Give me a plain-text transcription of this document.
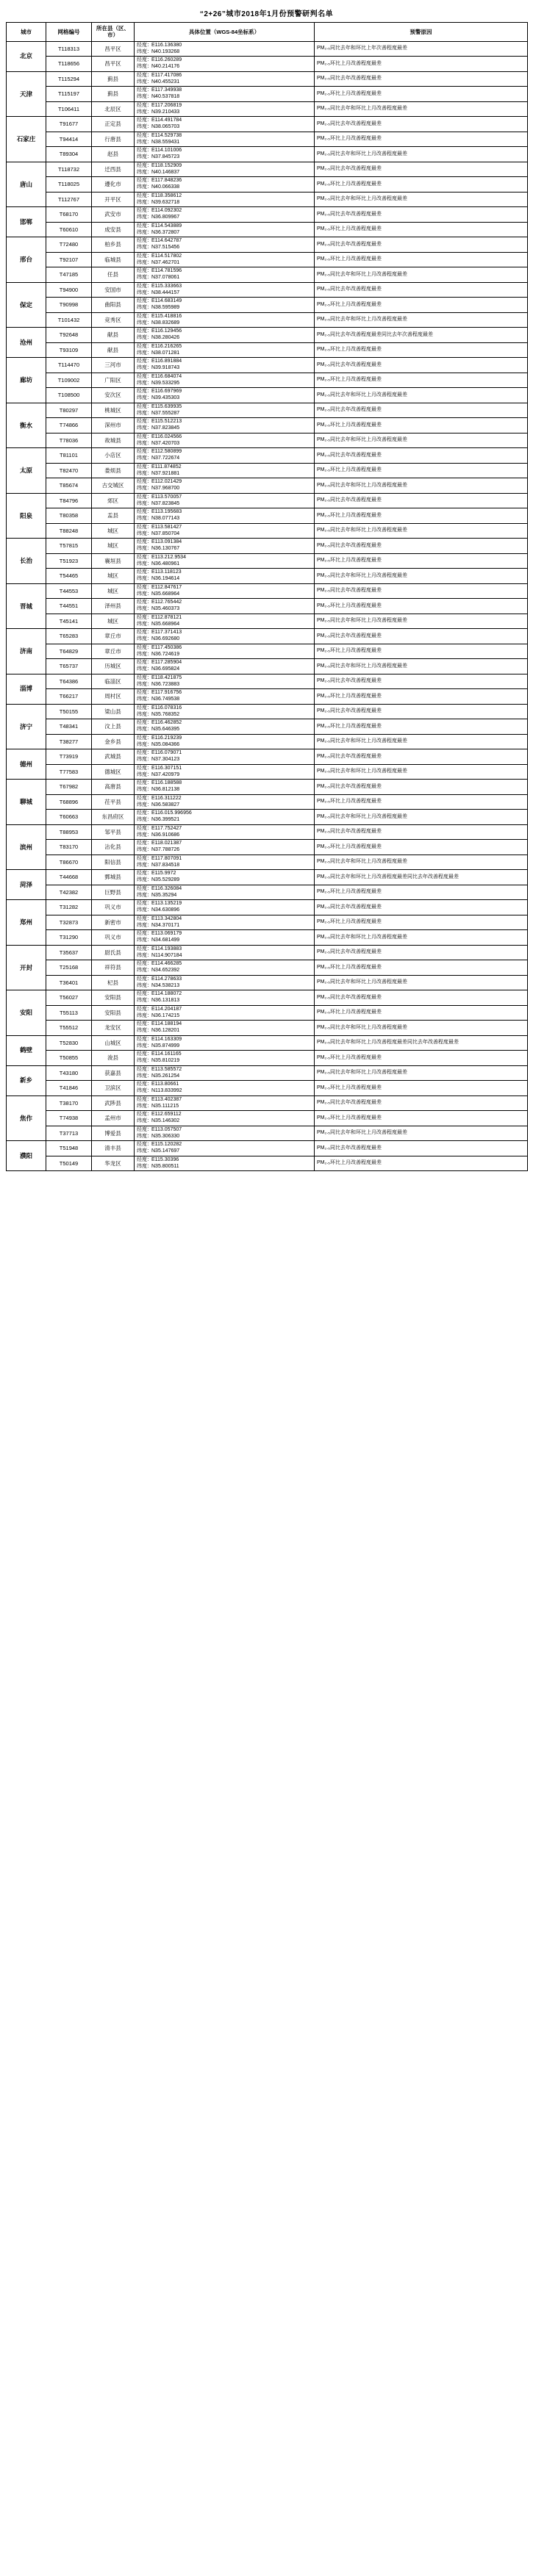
“2+26”城市2018年1月份预警研判名单
城市	网格编号	所在县（区、市）	具体位置（WGS-84坐标系）	预警原因
北京	T118313	昌平区	经度： E116.136380
纬度： N40.193268	PM₂.₅同比去年和环比上年次善程度最差
	T118656	昌平区	经度： E116.260289
纬度： N40.214176	PM₂.₅环比上月改善程度最差
天津	T115294	蓟县	经度： E117.417086
纬度： N40.455231	PM₂.₅同比去年改善程度最差
	T115197	蓟县	经度： E117.349938
纬度： N40.537818	PM₂.₅环比上月改善程度最差
	T106411	北辰区	经度： E117.206819
纬度： N39.210433	PM₂.₅同比去年和环比上月改善程度最差
石家庄	T91677	正定县	经度： E114.491784
纬度： N38.065703	PM₂.₅同比去年改善程度最差
	T94414	行唐县	经度： E114.529738
纬度： N38.559431	PM₂.₅环比上月改善程度最差
	T89304	赵县	经度： E114.101006
纬度： N37.845723	PM₂.₅同比去年和环比上月改善程度最差
唐山	T118732	迁西县	经度： E118.152909
纬度： N40.146837	PM₂.₅同比去年改善程度最差
	T118025	遵化市	经度： E117.848236
纬度： N40.066338	PM₂.₅环比上月改善程度最差
	T112767	开平区	经度： E118.358612
纬度： N39.632718	PM₂.₅同比去年和环比上月改善程度最差
邯郸	T68170	武安市	经度： E114.092302
纬度： N36.809967	PM₂.₅同比去年改善程度最差
	T60610	成安县	经度： E114.543889
纬度： N36.372807	PM₂.₅环比上月改善程度最差
邢台	T72480	柏乡县	经度： E114.642787
纬度： N37.515456	PM₂.₅同比去年改善程度最差
	T92107	临城县	经度： E114.517802
纬度： N37.462701	PM₂.₅环比上月改善程度最差
	T47185	任县	经度： E114.781596
纬度： N37.078061	PM₂.₅同比去年和环比上月改善程度最差
保定	T94900	安国市	经度： E115.333663
纬度： N38.444157	PM₂.₅同比去年改善程度最差
	T90998	曲阳县	经度： E114.683149
纬度： N38.595989	PM₂.₅环比上月改善程度最差
	T101432	竞秀区	经度： E115.418816
纬度： N38.832689	PM₂.₅同比去年和环比上月改善程度最差
沧州	T92648	献县	经度： E116.129456
纬度： N38.280426	PM₂.₅同比去年改善程度最差同比去年次善程度最差
	T93109	献县	经度： E116.216265
纬度： N38.071281	PM₂.₅环比上月改善程度最差
廊坊	T114470	三河市	经度： E116.891884
纬度： N39.918743	PM₂.₅同比去年改善程度最差
	T109002	广阳区	经度： E116.684074
纬度： N39.533295	PM₂.₅环比上月改善程度最差
	T108500	安次区	经度： E116.697969
纬度： N39.435303	PM₂.₅同比去年和环比上月改善程度最差
衡水	T80297	桃城区	经度： E115.639935
纬度： N37.555287	PM₂.₅同比去年改善程度最差
	T74866	深州市	经度： E115.512213
纬度： N37.823845	PM₂.₅环比上月改善程度最差
	T78036	故城县	经度： E116.024566
纬度： N37.420703	PM₂.₅同比去年和环比上月改善程度最差
太原	T81101	小店区	经度： E112.580899
纬度： N37.722674	PM₂.₅同比去年改善程度最差
	T82470	娄烦县	经度： E111.874852
纬度： N37.921881	PM₂.₅环比上月改善程度最差
	T85674	古交城区	经度： E112.021429
纬度： N37.968700	PM₂.₅同比去年和环比上月改善程度最差
阳泉	T84796	郊区	经度： E113.570057
纬度： N37.823845	PM₂.₅同比去年改善程度最差
	T80358	盂县	经度： E113.195683
纬度： N38.077143	PM₂.₅环比上月改善程度最差
	T88248	城区	经度： E113.581427
纬度： N37.850704	PM₂.₅同比去年和环比上月改善程度最差
长治	T57815	城区	经度： E113.091384
纬度： N36.130767	PM₂.₅同比去年改善程度最差
	T51923	襄垣县	经度： E113.212.9534
纬度： N36.480961	PM₂.₅环比上月改善程度最差
	T54465	城区	经度： E113.118123
纬度： N36.194614	PM₂.₅同比去年和环比上月改善程度最差
晋城	T44553	城区	经度： E112.847617
纬度： N35.668964	PM₂.₅同比去年改善程度最差
	T44551	泽州县	经度： E112.765442
纬度： N35.460373	PM₂.₅环比上月改善程度最差
	T45141	城区	经度： E112.878121
纬度： N35.668964	PM₂.₅同比去年和环比上月改善程度最差
济南	T65283	章丘市	经度： E117.371413
纬度： N36.692680	PM₂.₅同比去年改善程度最差
	T64829	章丘市	经度： E117.450386
纬度： N36.724619	PM₂.₅环比上月改善程度最差
	T65737	历城区	经度： E117.285904
纬度： N36.695824	PM₂.₅同比去年和环比上月改善程度最差
淄博	T64386	临淄区	经度： E118.421875
纬度： N36.723883	PM₂.₅同比去年改善程度最差
	T66217	周村区	经度： E117.916756
纬度： N36.749538	PM₂.₅环比上月改善程度最差
济宁	T50155	梁山县	经度： E116.078316
纬度： N35.768352	PM₂.₅同比去年改善程度最差
	T48341	汶上县	经度： E116.462852
纬度： N35.646395	PM₂.₅环比上月改善程度最差
	T38277	金乡县	经度： E116.219239
纬度： N35.084366	PM₂.₅同比去年和环比上月改善程度最差
德州	T73919	武城县	经度： E116.079071
纬度： N37.304123	PM₂.₅同比去年改善程度最差
	T77583	德城区	经度： E116.307151
纬度： N37.420979	PM₂.₅同比去年和环比上月改善程度最差
聊城	T67982	高唐县	经度： E116.188588
纬度： N36.812138	PM₂.₅同比去年改善程度最差
	T68896	茌平县	经度： E116.311222
纬度： N36.583827	PM₂.₅环比上月改善程度最差
	T60663	东昌府区	经度： E116.015.996956
纬度： N36.399521	PM₂.₅同比去年和环比上月改善程度最差
滨州	T88953	邹平县	经度： E117.752427
纬度： N36.910686	PM₂.₅同比去年改善程度最差
	T83170	沾化县	经度： E118.021387
纬度： N37.788726	PM₂.₅环比上月改善程度最差
	T86670	阳信县	经度： E117.807091
纬度： N37.834518	PM₂.₅同比去年和环比上月改善程度最差
菏泽	T44668	鄄城县	经度： E115.9972
纬度： N35.529289	PM₂.₅同比去年和环比上月改善程度最差同比去年改善程度最差
	T42382	巨野县	经度： E116.326084
纬度： N35.35294	PM₂.₅环比上月改善程度最差
郑州	T31282	巩义市	经度： E113.135219
纬度： N34.630896	PM₂.₅同比去年改善程度最差
	T32873	新密市	经度： E113.342804
纬度： N34.370171	PM₂.₅环比上月改善程度最差
	T31290	巩义市	经度： E113.069179
纬度： N34.681499	PM₂.₅同比去年和环比上月改善程度最差
开封	T35637	尉氏县	经度： E114.193883
纬度： N114.907184	PM₂.₅同比去年改善程度最差
	T25168	祥符县	经度： E114.466285
纬度： N34.652392	PM₂.₅环比上月改善程度最差
	T36401	杞县	经度： E114.278633
纬度： N34.538213	PM₂.₅同比去年和环比上月改善程度最差
安阳	T56027	安阳县	经度： E114.188072
纬度： N36.131813	PM₂.₅同比去年改善程度最差
	T55113	安阳县	经度： E114.204187
纬度： N36.174215	PM₂.₅环比上月改善程度最差
	T55512	龙安区	经度： E114.188194
纬度： N36.128201	PM₂.₅同比去年和环比上月改善程度最差
鹤壁	T52830	山城区	经度： E114.163309
纬度： N35.874999	PM₂.₅同比去年和环比上月改善程度最差同比去年改善程度最差
	T50855	浚县	经度： E114.161165
纬度： N35.810219	PM₂.₅环比上月改善程度最差
新乡	T43180	获嘉县	经度： E113.585572
纬度： N35.261254	PM₂.₅同比去年和环比上月改善程度最差
	T41846	卫滨区	经度： E113.80661
纬度： N113.833992	PM₂.₅环比上月改善程度最差
焦作	T38170	武陟县	经度： E113.402387
纬度： N35.111215	PM₂.₅同比去年改善程度最差
	T74938	孟州市	经度： E112.659112
纬度： N35.146302	PM₂.₅环比上月改善程度最差
	T37713	博爱县	经度： E113.057507
纬度： N35.306330	PM₂.₅同比去年和环比上月改善程度最差
濮阳	T51948	清丰县	经度： E115.120282
纬度： N35.147697	PM₂.₅同比去年改善程度最差
	T50149	华龙区	经度： E115.30396
纬度： N35.800511	PM₂.₅环比上月改善程度最差
